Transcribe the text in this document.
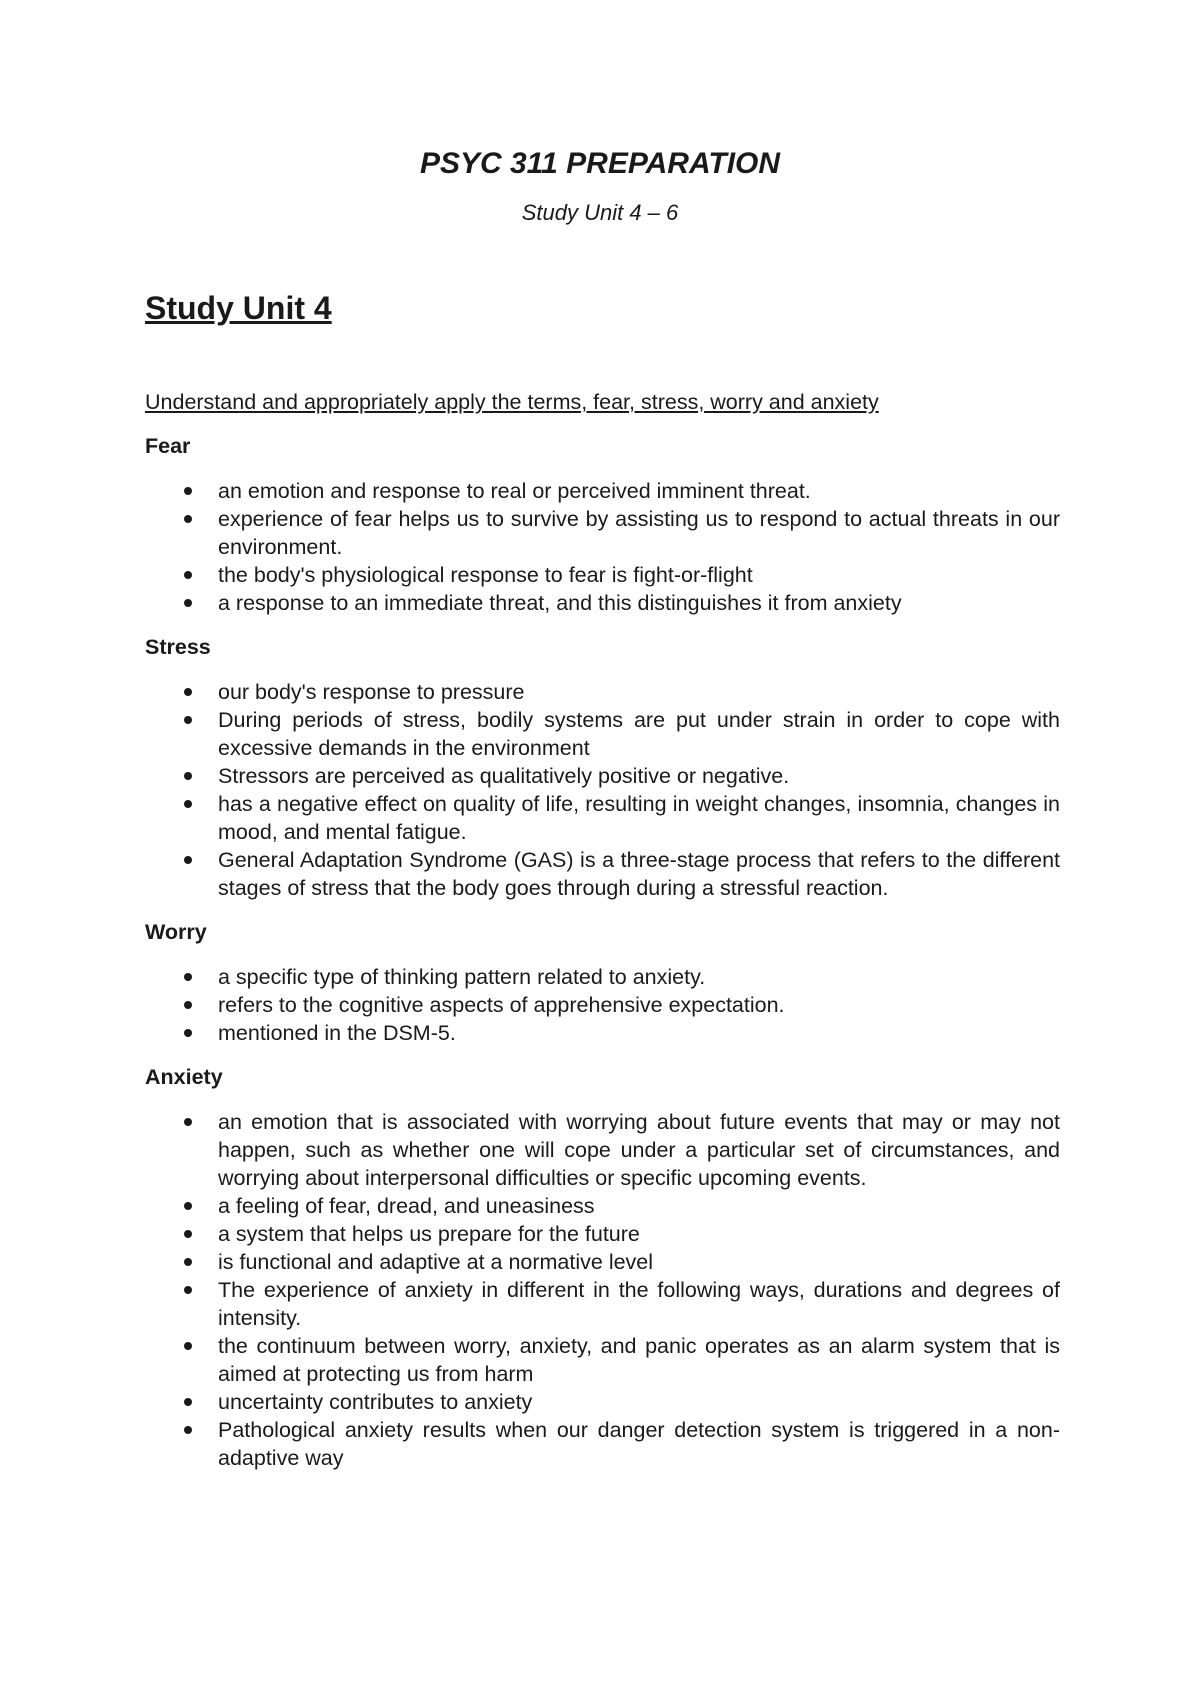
PSYC 311 PREPARATION

Study Unit 4 – 6

Study Unit 4

Understand and appropriately apply the terms, fear, stress, worry and anxiety

Fear
an emotion and response to real or perceived imminent threat.
experience of fear helps us to survive by assisting us to respond to actual threats in our environment.
the body's physiological response to fear is fight-or-flight
a response to an immediate threat, and this distinguishes it from anxiety
Stress
our body's response to pressure
During periods of stress, bodily systems are put under strain in order to cope with excessive demands in the environment
Stressors are perceived as qualitatively positive or negative.
has a negative effect on quality of life, resulting in weight changes, insomnia, changes in mood, and mental fatigue.
General Adaptation Syndrome (GAS) is a three-stage process that refers to the different stages of stress that the body goes through during a stressful reaction.
Worry
a specific type of thinking pattern related to anxiety.
refers to the cognitive aspects of apprehensive expectation.
mentioned in the DSM-5.
Anxiety
an emotion that is associated with worrying about future events that may or may not happen, such as whether one will cope under a particular set of circumstances, and worrying about interpersonal difficulties or specific upcoming events.
a feeling of fear, dread, and uneasiness
a system that helps us prepare for the future
is functional and adaptive at a normative level
The experience of anxiety in different in the following ways, durations and degrees of intensity.
the continuum between worry, anxiety, and panic operates as an alarm system that is aimed at protecting us from harm
uncertainty contributes to anxiety
Pathological anxiety results when our danger detection system is triggered in a non-adaptive way
